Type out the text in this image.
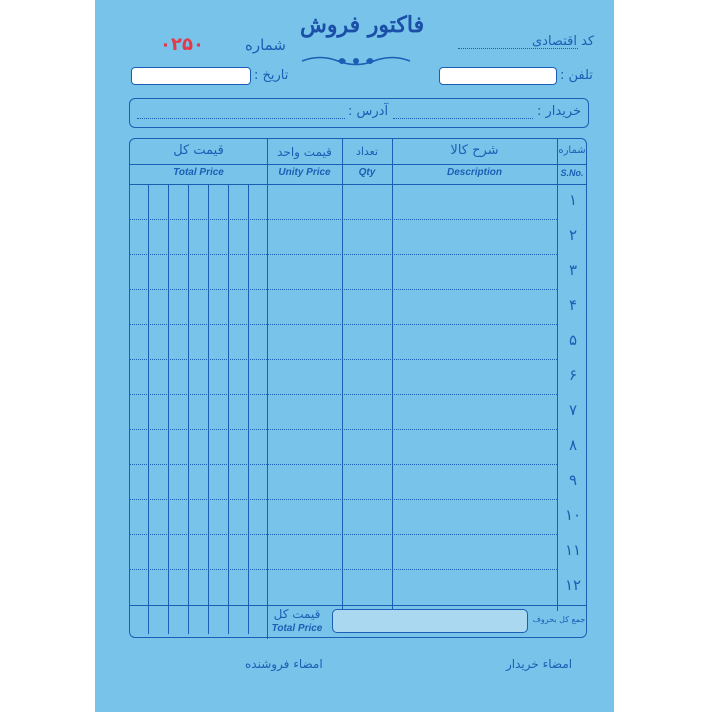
فاکتور فروش
شماره
۰۲۵۰	کد اقتصادی
تاریخ :	تلفن :
خریدار :
آدرس :
شماره
S.No.
شرح کالا
Description
تعداد
Qty
قیمت واحد
Unity Price
قیمت کل
Total Price
۱
۲
۳
۴
۵
۶
۷
۸
۹
۱۰
۱۱
۱۲
قیمت کل
Total Price
جمع کل بحروف
امضاء خریدار
امضاء فروشنده
